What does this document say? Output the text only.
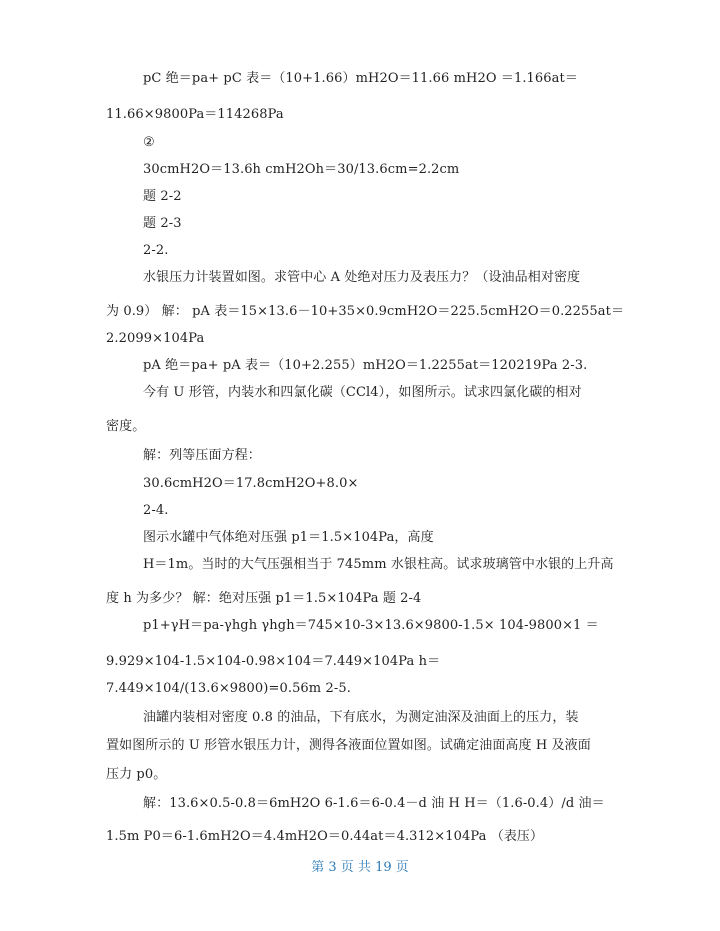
pC 绝＝pa+ pC 表＝（10+1.66）mH2O＝11.66 mH2O ＝1.166at＝
11.66×9800Pa＝114268Pa
②
30cmH2O＝13.6h cmH2Oh＝30/13.6cm=2.2cm
题 2-2
题 2-3
2-2.
水银压力计装置如图。求管中心 A 处绝对压力及表压力？（设油品相对密度
为 0.9） 解： pA 表＝15×13.6－10+35×0.9cmH2O＝225.5cmH2O＝0.2255at＝
2.2099×104Pa
pA 绝＝pa+ pA 表＝（10+2.255）mH2O＝1.2255at＝120219Pa 2-3.
今有 U 形管，内装水和四氯化碳（CCl4），如图所示。试求四氯化碳的相对
密度。
解：列等压面方程：
30.6cmH2O＝17.8cmH2O+8.0×
2-4.
图示水罐中气体绝对压强 p1＝1.5×104Pa，高度
H＝1m。当时的大气压强相当于 745mm 水银柱高。试求玻璃管中水银的上升高
度 h 为多少？ 解：绝对压强 p1＝1.5×104Pa 题 2-4
p1+γH＝pa-γhgh γhgh＝745×10-3×13.6×9800-1.5× 104-9800×1 ＝
9.929×104-1.5×104-0.98×104＝7.449×104Pa h＝
7.449×104/(13.6×9800)=0.56m 2-5.
油罐内装相对密度 0.8 的油品，下有底水，为测定油深及油面上的压力，装
置如图所示的 U 形管水银压力计，测得各液面位置如图。试确定油面高度 H 及液面
压力 p0。
解：13.6×0.5-0.8＝6mH2O 6-1.6＝6-0.4－d 油 H H＝（1.6-0.4）/d 油＝
1.5m P0＝6-1.6mH2O＝4.4mH2O＝0.44at＝4.312×104Pa （表压）
第 3 页 共 19 页
